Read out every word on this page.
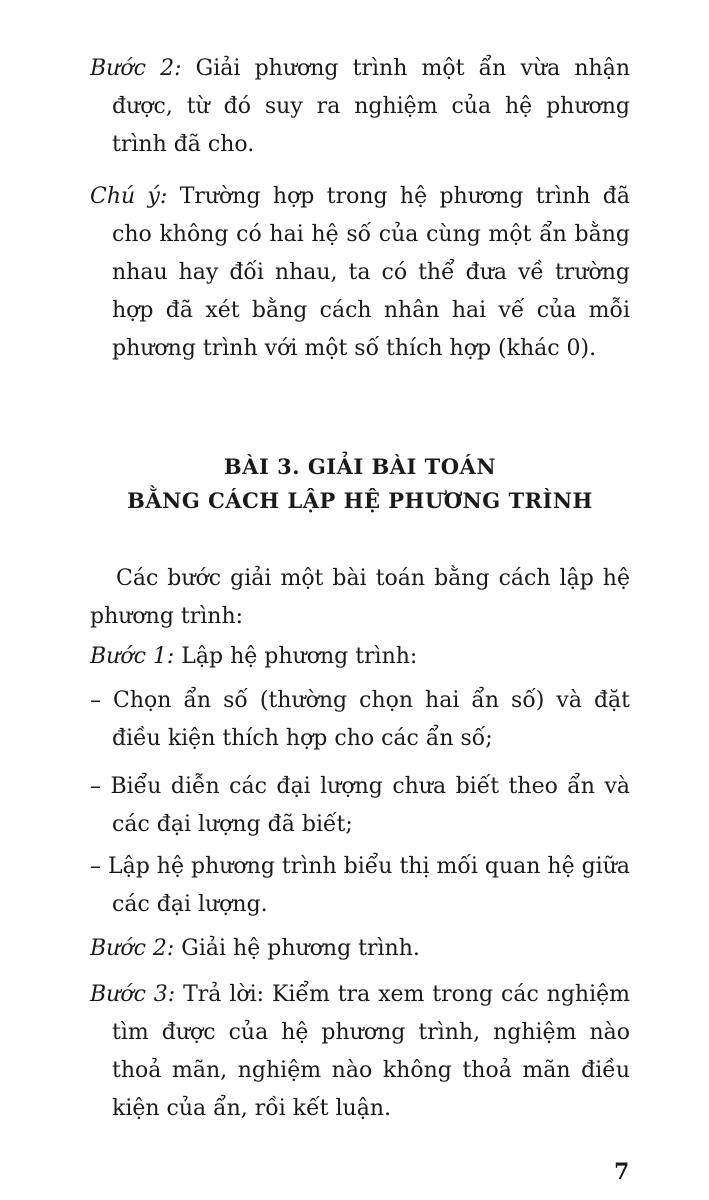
Bước 2: Giải phương trình một ẩn vừa nhận được, từ đó suy ra nghiệm của hệ phương trình đã cho.

Chú ý: Trường hợp trong hệ phương trình đã cho không có hai hệ số của cùng một ẩn bằng nhau hay đối nhau, ta có thể đưa về trường hợp đã xét bằng cách nhân hai vế của mỗi phương trình với một số thích hợp (khác 0).

BÀI 3. GIẢI BÀI TOÁN
BẰNG CÁCH LẬP HỆ PHƯƠNG TRÌNH

Các bước giải một bài toán bằng cách lập hệ phương trình:

Bước 1: Lập hệ phương trình:

– Chọn ẩn số (thường chọn hai ẩn số) và đặt điều kiện thích hợp cho các ẩn số;

– Biểu diễn các đại lượng chưa biết theo ẩn và các đại lượng đã biết;

– Lập hệ phương trình biểu thị mối quan hệ giữa các đại lượng.

Bước 2: Giải hệ phương trình.

Bước 3: Trả lời: Kiểm tra xem trong các nghiệm tìm được của hệ phương trình, nghiệm nào thoả mãn, nghiệm nào không thoả mãn điều kiện của ẩn, rồi kết luận.

7
